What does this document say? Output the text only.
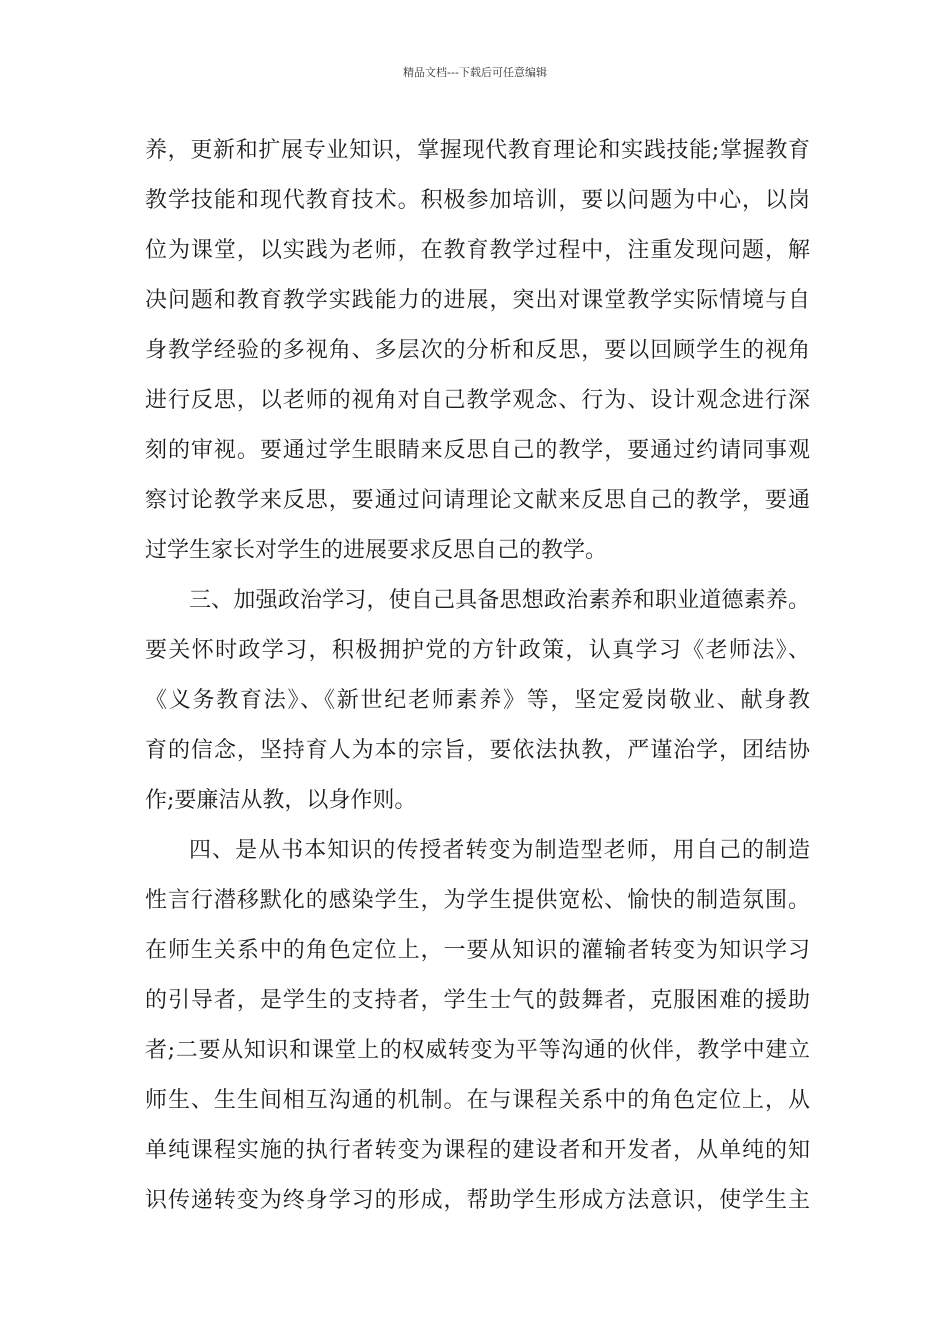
精品文档---下载后可任意编辑
养，更新和扩展专业知识，掌握现代教育理论和实践技能;掌握教育
教学技能和现代教育技术。积极参加培训，要以问题为中心，以岗
位为课堂，以实践为老师，在教育教学过程中，注重发现问题，解
决问题和教育教学实践能力的进展，突出对课堂教学实际情境与自
身教学经验的多视角、多层次的分析和反思，要以回顾学生的视角
进行反思，以老师的视角对自己教学观念、行为、设计观念进行深
刻的审视。要通过学生眼睛来反思自己的教学，要通过约请同事观
察讨论教学来反思，要通过问请理论文献来反思自己的教学，要通
过学生家长对学生的进展要求反思自己的教学。
三、加强政治学习，使自己具备思想政治素养和职业道德素养。
要关怀时政学习，积极拥护党的方针政策，认真学习《老师法》、
《义务教育法》、《新世纪老师素养》等，坚定爱岗敬业、献身教
育的信念，坚持育人为本的宗旨，要依法执教，严谨治学，团结协
作;要廉洁从教，以身作则。
四、是从书本知识的传授者转变为制造型老师，用自己的制造
性言行潜移默化的感染学生，为学生提供宽松、愉快的制造氛围。
在师生关系中的角色定位上，一要从知识的灌输者转变为知识学习
的引导者，是学生的支持者，学生士气的鼓舞者，克服困难的援助
者;二要从知识和课堂上的权威转变为平等沟通的伙伴，教学中建立
师生、生生间相互沟通的机制。在与课程关系中的角色定位上，从
单纯课程实施的执行者转变为课程的建设者和开发者，从单纯的知
识传递转变为终身学习的形成，帮助学生形成方法意识，使学生主
